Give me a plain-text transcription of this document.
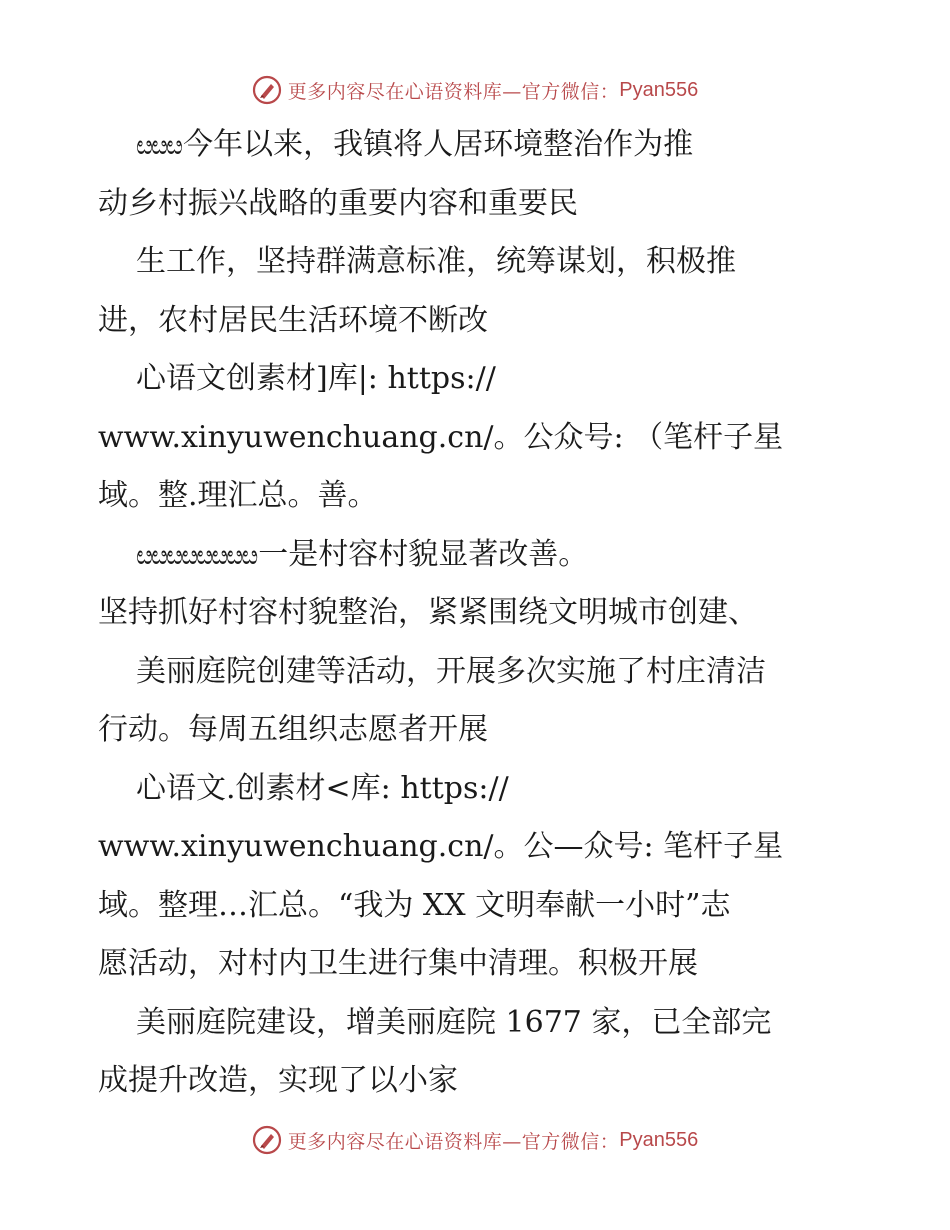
更多内容尽在心语资料库—官方微信： Pyan556
ೞೞೞ今年以来，我镇将人居环境整治作为推
动乡村振兴战略的重要内容和重要民
生工作，坚持群满意标准，统筹谋划，积极推
进，农村居民生活环境不断改
心语文创素材]库|: https://
www.xinyuwenchuang.cn/。公众号: （笔杆子星
域。整.理汇总。善。
ೞೞೞೞೞೞೞೞ一是村容村貌显著改善。
坚持抓好村容村貌整治，紧紧围绕文明城市创建、
美丽庭院创建等活动，开展多次实施了村庄清洁
行动。每周五组织志愿者开展
心语文.创素材<库: https://
www.xinyuwenchuang.cn/。公—众号: 笔杆子星
域。整理…汇总。“我为 XX 文明奉献一小时”志
愿活动，对村内卫生进行集中清理。积极开展
美丽庭院建设，增美丽庭院 1677 家，已全部完
成提升改造，实现了以小家
更多内容尽在心语资料库—官方微信： Pyan556
